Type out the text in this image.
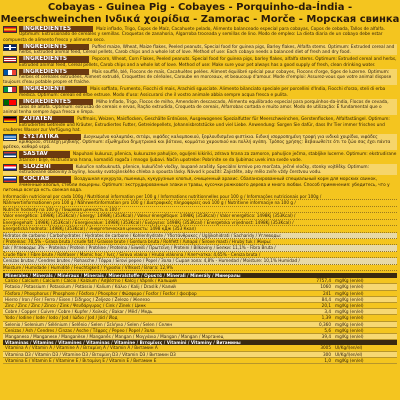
Cobayas - Guinea Pig - Cobayes - Porquinho-da-Índia - Meerschweinchen Ινδικά χοιρίδια - Zamorac - Morče - Морская свинка
INGREDIENTES	Maíz inflado, Trigo, Copos de Maíz, Cacahuete pelado, Alimento balanceado especial para cobayas, Copos de cebada, Tallos de alfalfa. Optimum: Extrusionado de cereales y semillas. Croquetas de zanahoria, Algarroba troceada y semillas de lino. Modo de empleo: La dieta diaria de un cobayo debe estar compuesta de alimento fresco y alimento seco.
INGREDIENTS	Puffed maize, Wheat, Maize flakes, Peeled peanuts, Special food for guinea pigs, Barley flakes, Alfalfa stems. Optimum: Extruded cereal and herbs, Extruded animal feed, Cereal pellets, Carob chips and a whole lot of love. Method of use: Each cobayo needs a balanced diet of fresh and dry food.
INGREDIENTS	Popcorn, Wheat, Corn Flakes, Peeled peanuts. Special food for guinea pigs, barley flakes, alfalfa stems. Optimum: Extruded cereal and herbs, Extruded animal feed, Cereal pellets, Carob chips and a whole lot of love. Method of use: Make sure your pet always has a good supply of fresh, clean drinking water.
INGREDIENTS	Maïs soufflé, blé, Flocons de maïs, Cacahuètes pelées. Aliment équilibré spécial pour cobayes, Flocons d'orge, tiges de luzerne. Optimum: herbes et céréales extrudées, Aliment extrudé, Croquettes de céréales, Caroube en morceaux, et beaucoup d'amour. Mode d'emploi: Assurez-vous que votre animal dispose toujours d'eau potable propre et fraîche.
INGREDIENTI	Mais soffiato, Frumento, Fiocchi di mais, Arachidi sgusciate. Alimento bilanciato speciale per porcellini d'India, Fiocchi d'orzo, steli di erba medica. Optimum: cereali ed erbe estruse. Modo d'uso: Assicurarsi che il vostro animale abbia sempre acqua fresca e pulita.
INGREDIENTES	Milho Inflado, Trigo, Flocos de milho, Amendoim descascado, Alimento equilibrado especial para porquinhos-da-índia, Flocos de cevada, talos de alfafa. Optimum: extrusão de cereais e ervas, Ração extrudida, Croqueta de cereais, Alfarrobas cortada e muito amor. Modo de utilização: É fundamental que o animal tenha sempre água fresca e limpa.
ZUTATEN	Puffmais, Weizen, Maisflocken, Geschälte Erdnüsse, Ausgewogenes Spezialfutter für Meerschweinchen, Gerstenflocken, Alfalfastängel. Optimum: Extrudiertes Getreide und Kräuter, Extrudiertes Futter, Getreidepellets, Johannisbrotstücke und viel Liebe. Anwendung: Sorgen Sie dafür, dass Ihr Tier immer frisches und sauberes Wasser zur Verfügung hat.
ΣΥΣΤΑΤΙΚΑ	Διογκωμένο καλαμπόκι, σιτάρι, νιφάδες καλαμποκιού, ξεφλουδισμένα φιστίκια. Ειδική ισορροπημένη τροφή για ινδικά χοιρίδια, νιφάδες κριθαριού, στελέχη μηδικής. Optimum: εξωθημένα δημητριακά και βότανα, κομμάτια χαρουπιού και πολλή αγάπη. Τρόπος χρήσης: Βεβαιωθείτε ότι το ζώο σας έχει πάντα φρέσκο, καθαρό νερό.
SASTAV	Napuhani kukuruz, pšenica, kukuruzne pahuljice, oguljeni kikiriki, zdrava hrana za zamorce, pahuljice ječma, stabljike lucerne. Optimum: ekstrudirane žitarice i bilje, ekstrudirana hrana, komadići rogača i mnogo ljubavi. Način upotrebe: Pobrinite se da ljubimac uvek ima sveže vode.
SLOŽENÍ	Kukuřice nafouknutá, pšenice, kukuřičné vločky, loupané arašídy. Speciální krmivo pro morčata, ječné vločky, stonky vojtěšky. Optimum: extrudované obiloviny a byliny, kousky svatojánského chleba a spousta lásky. Návod k použití: Zajistěte, aby mělo zvíře vždy čerstvou vodu.
СОСТАВ	Воздушная кукуруза, пшеница, кукурузные хлопья, очищенный арахис. Сбалансированный специальный корм для морских свинок, ячменные хлопья, стебли люцерны. Optimum: экструдированные злаки и травы, кусочки рожкового дерева и много любви. Способ применения: убедитесь, что у питомца всегда есть свежая вода.
Información nutricional por cada 100g / Nutritional information per 100 g / Informations nutritionnelles pour 100 g / Informações nutricionais por 100g /
Nährwertinformationen pro 100 g / Nährwertinformation pro 100 g / Διατροφικές πληροφορίες ανά 100 g / Nutritivne informacije na 100 g /
Nutriční hodnoty na 100 g / Пищевая ценность в 100 г
Valor energético: 1498Kj (353Kcal) / Energy: 1498Kj (353Kcal) / Valeur énergétique: 1498Kj (353Kcal) / Valor energético: 1498Kj (353Kcal) /
Energiegehalt: 1498Kj (353Kcal) / Energievalue: 1498Kj (353Kcal) / Ενέργεια: 1498Kj (353Kcal) / Energetska vrijednost: 1498Kj (353Kcal) /
Energetická hodnota: 1498Kj (353Kcal) / Энергетическая ценность: 1498 кДж (353 Ккал)
Hidratos de carbono / Carbohydrates / Hydrates de carbone / Kohlenhydrate / Υδατάνθρακες / Ugljikohidrati / Sacharidy / Углеводы:
/ Proteínas: 70,5% - Grasa bruta / crude fat / Graisse brute / Gordura bruta / Rohfett / Λιπαρά / Sirove masti / Hrubý tuk / Жиры:
tuk / Углеводы: 3% - Proteína / Protein / Protéine / Proteína / Eiweiß / Πρωτεΐνη / Proteini / Bílkoviny / Белки: 11,1% - Fibra Bruta /
Crude fibre / Fibre brute / Rohfaser / Mamíc hoc / Ίνες / Sirova vlakna / Hrubá vláknina / Клетчатка: 4,65% - Ceniza bruta /
Cenizas brutas / Cendres brutes / Rohasche / Τέφρα / Sirovi pepeo / Popel / Зола / Сырая зола: 4,8% - Humedad / Moisture: 10,1% Humidad /
Moisture / Humidade / Humidité / Feuchtigkeit / Υγρασία / Vlhkost / Влага: 12,9%
Minerales / Minerals / Minéraux / Minerais / Mineralstoffe / Ορυκτά / Minerali / Minerály / Минералы		
Calcio / Calcium / Calcium / Cálcio / Kalzium / Ασβέστιο / Kalcij / Vápník / Кальций	7757,4	mg/Kg (en/el)
Potasio / Potassium / Potassium / Potássio / Kalium / Κάλιο / Kalij / Draslík / Калий	1060	mg/Kg (en/el)
Fósforo / Phosphorus / Phosphore / Fósforo / Phosphor / Φώσφορο / Fosfor / Fosfor / фосфор	241	mg/Kg (en/el)
Hierro / Iron / Fer / Ferro / Eisen / Σίδηρος / Željezo / Železo / Железо	84,4	mg/Kg (en/el)
Zinc / Zinc / Zinc / Zinco / Zink / Ψευδάργυρος / Cink / Zinek / Цинк	20,1	mg/Kg (en/el)
Cobre / Copper / Cuivre / Cobre / Kupfer / Χαλκός / Bakar / Měď / Медь	3,4	mg/Kg (en/el)
Yodo / Iodine / Iode / Iodo / Jod / Ιώδιο / Jod / Jód / Йод	1,39	mg/Kg (en/el)
Selenio / Selenium / Sélénium / Selênio / Selen / Σελήνιο / Selen / Selen / Селен	0,360	mg/Kg (en/el)
Cenizas / Ash / Cendres / Cinzas / Asche / Τέφρες / Pepeo / Popel / Зола	5,6	mg/Kg (en/el)
Manganeso / Manganese / Manganèse / Manganês / Mangan / Μαγγάνιο / Mangan / Mangan / Марганец	39,4	mg/Kg (en/el)
Vitaminas / Vitamins / Vitamines / Vitaminas / Vitamine / Βιταμίνες / Vitamini / Vitamíny / Витамины		
Vitamina A / Vitamin A / Vitamine A / Βιταμίνη A / Vitamin A / Витамин A	3005	UI/Kg/l(en/el)
Vitamina D3 / Vitamin D3 / Vitamine D3 / Βιταμίνη D3 / Vitamin D3 / Витамин D3	300	UI/Kg/l(en/el)
Vitamina E / Vitamin E / Vitamine E / Βιταμίνη E / Vitamin E / Витамин E	1,0	mg/Kg (en/el)
